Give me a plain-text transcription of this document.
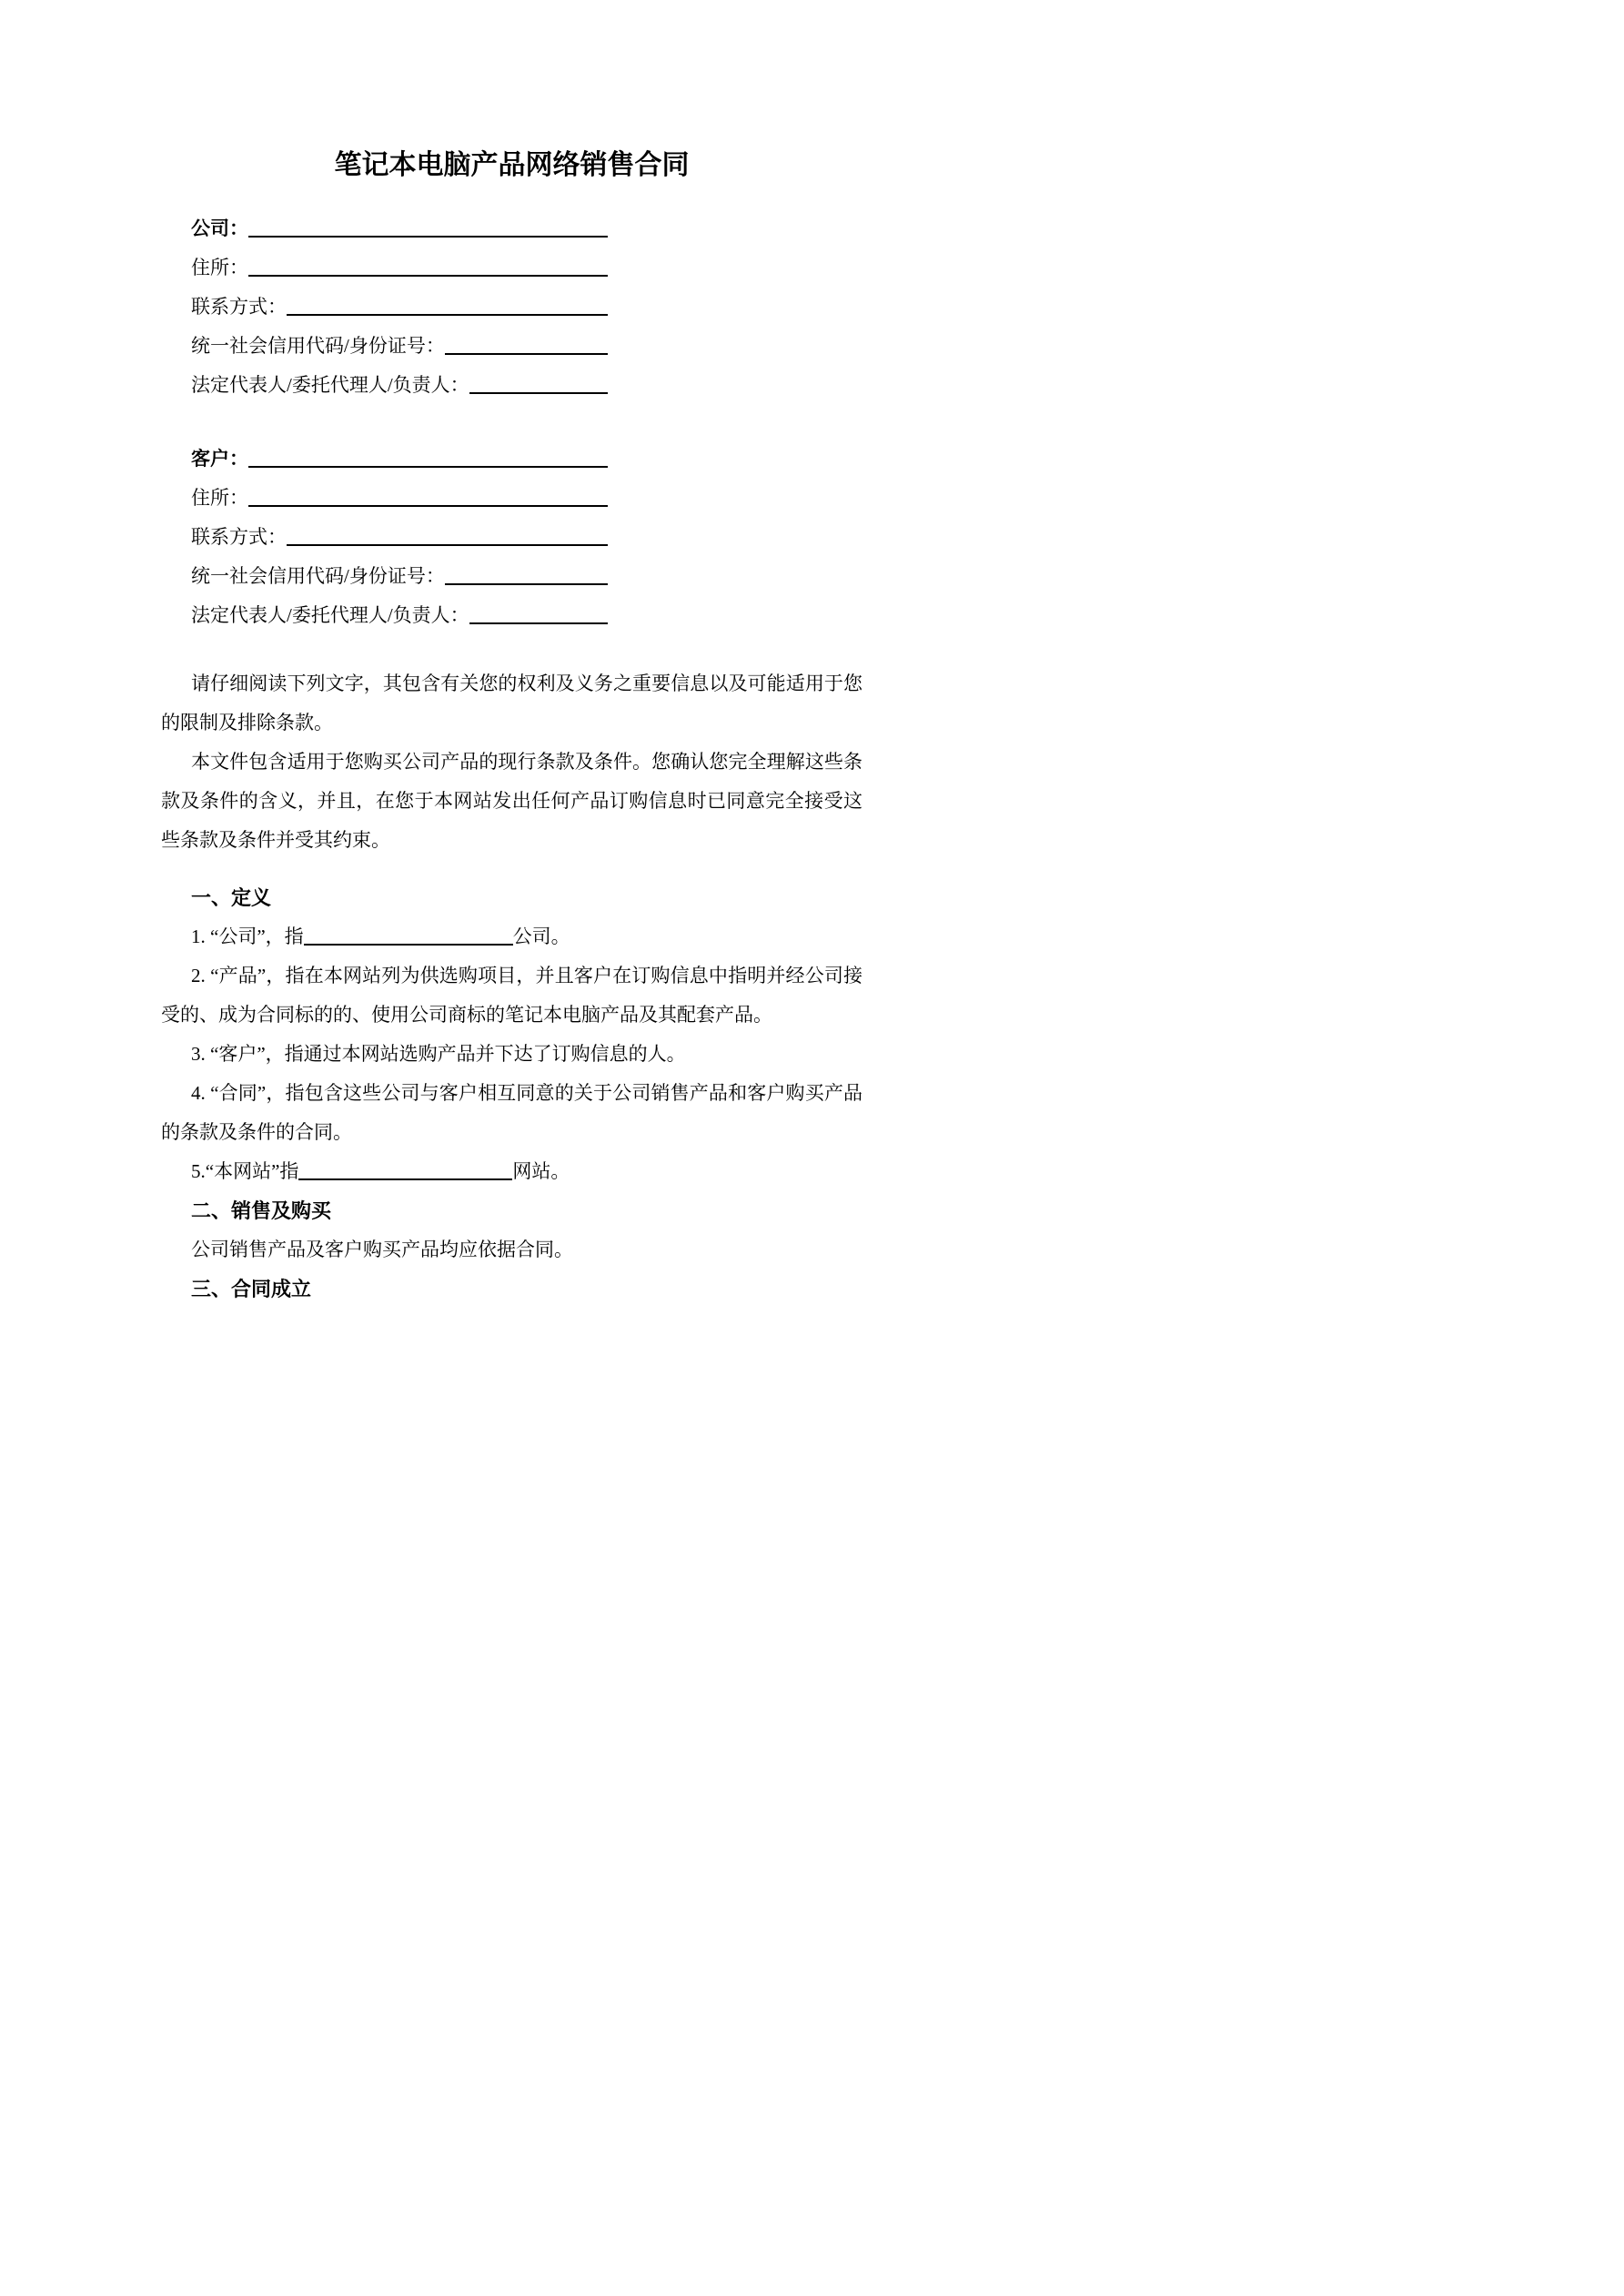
笔记本电脑产品网络销售合同
公司：
住所：
联系方式：
统一社会信用代码/身份证号：
法定代表人/委托代理人/负责人：
客户：
住所：
联系方式：
统一社会信用代码/身份证号：
法定代表人/委托代理人/负责人：

请仔细阅读下列文字，其包含有关您的权利及义务之重要信息以及可能适用于您的限制及排除条款。

本文件包含适用于您购买公司产品的现行条款及条件。您确认您完全理解这些条款及条件的含义，并且，在您于本网站发出任何产品订购信息时已同意完全接受这些条款及条件并受其约束。

一、定义

1. “公司”，指	公司。

2. “产品”，指在本网站列为供选购项目，并且客户在订购信息中指明并经公司接受的、成为合同标的的、使用公司商标的笔记本电脑产品及其配套产品。

3. “客户”，指通过本网站选购产品并下达了订购信息的人。

4. “合同”，指包含这些公司与客户相互同意的关于公司销售产品和客户购买产品的条款及条件的合同。

5.“本网站”指	网站。

二、销售及购买

公司销售产品及客户购买产品均应依据合同。

三、合同成立
